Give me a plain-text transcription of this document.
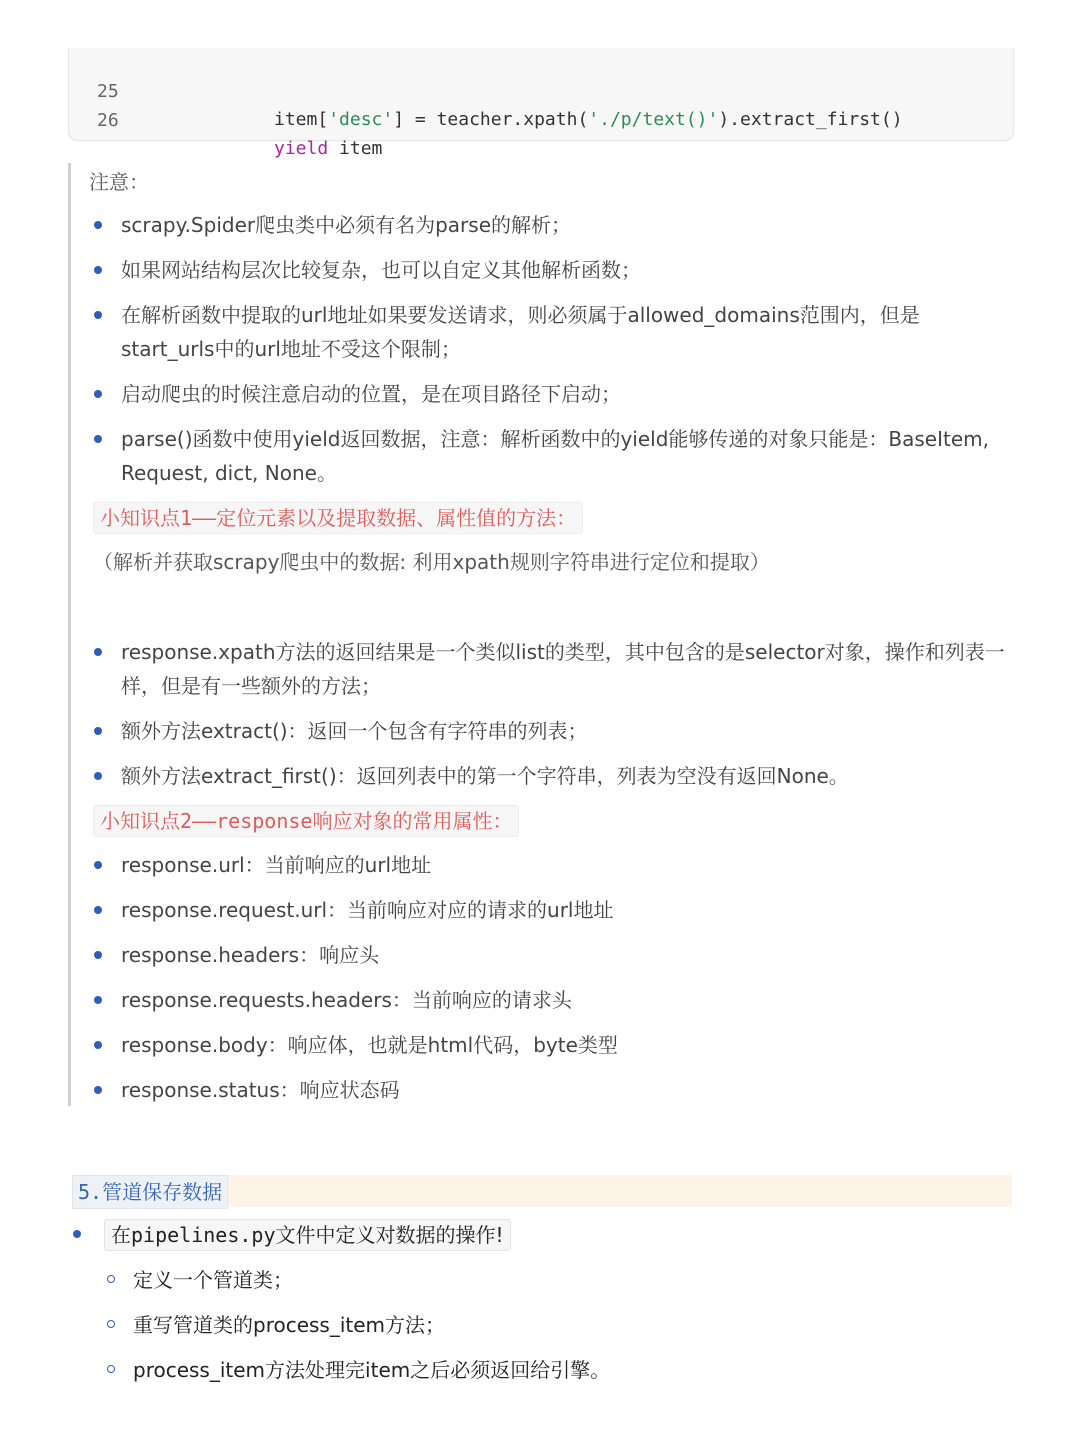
25

item['desc'] = teacher.xpath('./p/text()').extract_first()

26

yield item

注意：
scrapy.Spider爬虫类中必须有名为parse的解析；
如果网站结构层次比较复杂，也可以自定义其他解析函数；
在解析函数中提取的url地址如果要发送请求，则必须属于allowed_domains范围内，但是start_urls中的url地址不受这个限制；
启动爬虫的时候注意启动的位置，是在项目路径下启动；
parse()函数中使用yield返回数据，注意：解析函数中的yield能够传递的对象只能是：BaseItem, Request, dict, None。
小知识点1——定位元素以及提取数据、属性值的方法：
（解析并获取scrapy爬虫中的数据: 利用xpath规则字符串进行定位和提取）
response.xpath方法的返回结果是一个类似list的类型，其中包含的是selector对象，操作和列表一样，但是有一些额外的方法；
额外方法extract()：返回一个包含有字符串的列表；
额外方法extract_first()：返回列表中的第一个字符串，列表为空没有返回None。
小知识点2——response响应对象的常用属性：
response.url：当前响应的url地址
response.request.url：当前响应对应的请求的url地址
response.headers：响应头
response.requests.headers：当前响应的请求头
response.body：响应体，也就是html代码，byte类型
response.status：响应状态码
5.管道保存数据
在pipelines.py文件中定义对数据的操作!
定义一个管道类；
重写管道类的process_item方法；
process_item方法处理完item之后必须返回给引擎。
